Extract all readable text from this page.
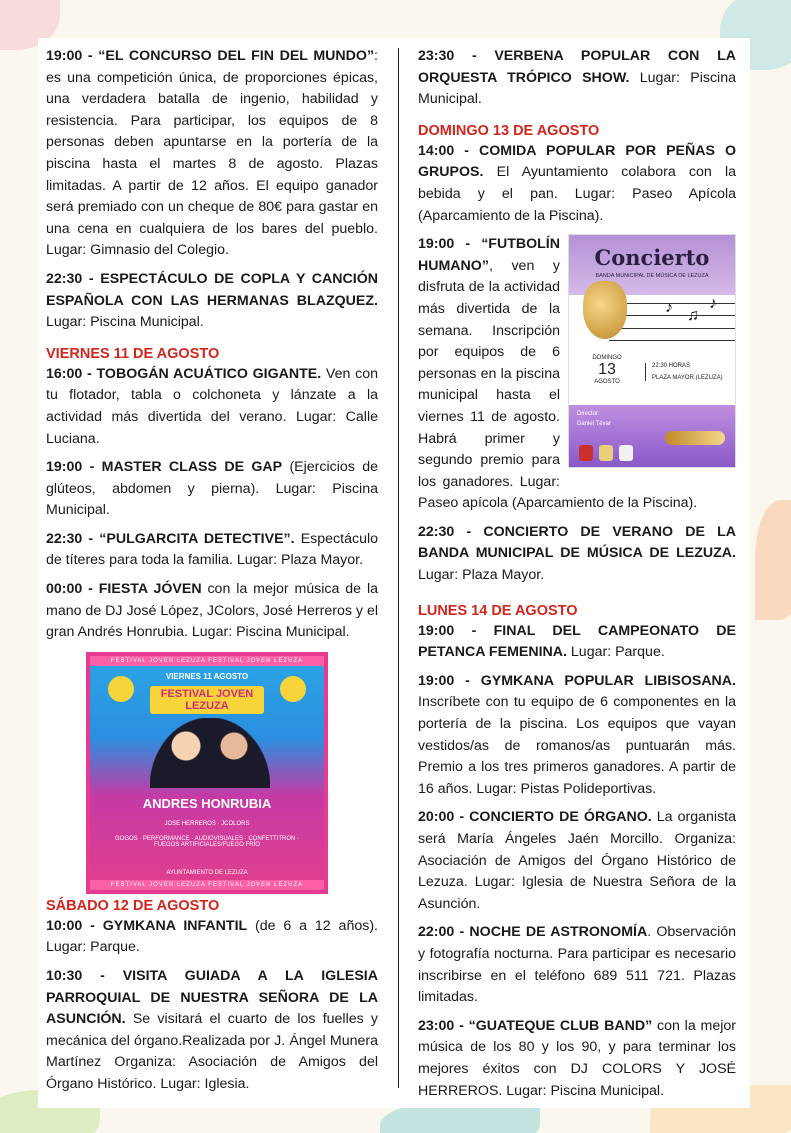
19:00 - “EL CONCURSO DEL FIN DEL MUNDO”: es una competición única, de proporciones épicas, una verdadera batalla de ingenio, habilidad y resistencia. Para participar, los equipos de 8 personas deben apuntarse en la portería de la piscina hasta el martes 8 de agosto. Plazas limitadas. A partir de 12 años. El equipo ganador será premiado con un cheque de 80€ para gastar en una cena en cualquiera de los bares del pueblo. Lugar: Gimnasio del Colegio.

22:30 - ESPECTÁCULO DE COPLA Y CANCIÓN ESPAÑOLA CON LAS HERMANAS BLAZQUEZ. Lugar: Piscina Municipal.

VIERNES 11 DE AGOSTO

16:00 - TOBOGÁN ACUÁTICO GIGANTE. Ven con tu flotador, tabla o colchoneta y lánzate a la actividad más divertida del verano. Lugar: Calle Luciana.

19:00 - MASTER CLASS DE GAP (Ejercicios de glúteos, abdomen y pierna). Lugar: Piscina Municipal.

22:30 - “PULGARCITA DETECTIVE”. Espectáculo de títeres para toda la familia. Lugar: Plaza Mayor.

00:00 - FIESTA JÓVEN con la mejor música de la mano de DJ José López, JColors, José Herreros y el gran Andrés Honrubia. Lugar: Piscina Municipal.

FESTIVAL JOVEN LEZUZA FESTIVAL JOVEN LEZUZA
VIERNES 11 AGOSTO
FESTIVAL JOVEN LEZUZA
ANDRES HONRUBIA
JOSE HERREROS · JCOLORS
GOGOS · PERFORMANCE · AUDIOVISUALES · CONFETTITRON · FUEGOS ARTIFICIALES/FUEGO FRÍO
AYUNTAMIENTO DE LEZUZA
FESTIVAL JOVEN LEZUZA FESTIVAL JOVEN LEZUZA
SÁBADO 12 DE AGOSTO

10:00 - GYMKANA INFANTIL (de 6 a 12 años). Lugar: Parque.

10:30 - VISITA GUIADA A LA IGLESIA PARROQUIAL DE NUESTRA SEÑORA DE LA ASUNCIÓN. Se visitará el cuarto de los fuelles y mecánica del órgano.Realizada por J. Ángel Munera Martínez Organiza: Asociación de Amigos del Órgano Histórico. Lugar: Iglesia.

23:30 - VERBENA POPULAR CON LA ORQUESTA TRÓPICO SHOW. Lugar: Piscina Municipal.

DOMINGO 13 DE AGOSTO

14:00 - COMIDA POPULAR POR PEÑAS O GRUPOS. El Ayuntamiento colabora con la bebida y el pan. Lugar: Paseo Apícola (Aparcamiento de la Piscina).

Concierto
BANDA MUNICIPAL DE MÚSICA DE LEZUZA
♪ ♫
♪
DOMINGO
13
AGOSTO
22:30 HORAS
PLAZA MAYOR (LEZUZA)
Director:
Daniel Tévar

19:00 - “FUTBOLÍN HUMANO”, ven y disfruta de la actividad más divertida de la semana. Inscripción por equipos de 6 personas en la piscina municipal hasta el viernes 11 de agosto. Habrá primer y segundo premio para los ganadores. Lugar: Paseo apícola (Aparcamiento de la Piscina).

22:30 - CONCIERTO DE VERANO DE LA BANDA MUNICIPAL DE MÚSICA DE LEZUZA. Lugar: Plaza Mayor.

LUNES 14 DE AGOSTO

19:00 - FINAL DEL CAMPEONATO DE PETANCA FEMENINA. Lugar: Parque.

19:00 - GYMKANA POPULAR LIBISOSANA. Inscríbete con tu equipo de 6 componentes en la portería de la piscina. Los equipos que vayan vestidos/as de romanos/as puntuarán más. Premio a los tres primeros ganadores. A partir de 16 años. Lugar: Pistas Polideportivas.

20:00 - CONCIERTO DE ÓRGANO. La organista será María Ángeles Jaén Morcillo. Organiza: Asociación de Amigos del Órgano Histórico de Lezuza. Lugar: Iglesia de Nuestra Señora de la Asunción.

22:00 - NOCHE DE ASTRONOMÍA. Observación y fotografía nocturna. Para participar es necesario inscribirse en el teléfono 689 511 721. Plazas limitadas.

23:00 - “GUATEQUE CLUB BAND” con la mejor música de los 80 y los 90, y para terminar los mejores éxitos con DJ COLORS Y JOSÉ HERREROS. Lugar: Piscina Municipal.
